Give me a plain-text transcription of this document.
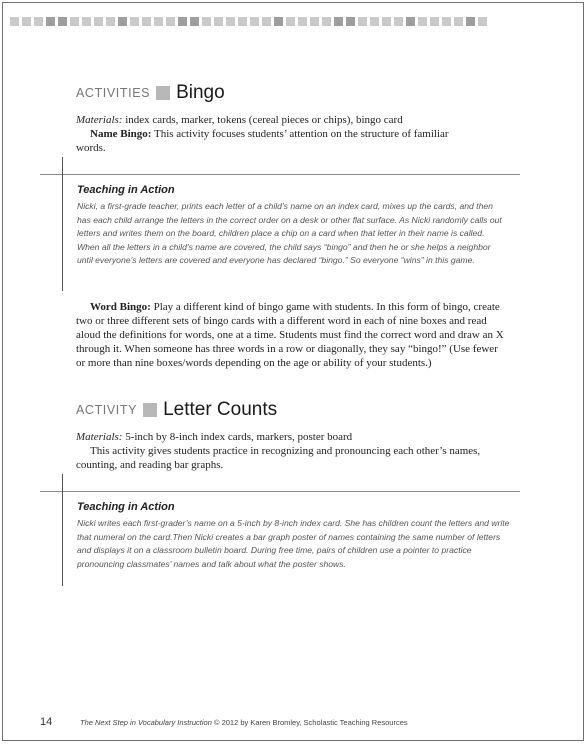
ACTIVITIES Bingo

Materials: index cards, marker, tokens (cereal pieces or chips), bingo card

Name Bingo: This activity focuses students’ attention on the structure of familiar words.

Teaching in Action

Nicki, a first-grade teacher, prints each letter of a child’s name on an index card, mixes up the cards, and then has each child arrange the letters in the correct order on a desk or other flat surface. As Nicki randomly calls out letters and writes them on the board, children place a chip on a card when that letter in their name is called. When all the letters in a child’s name are covered, the child says “bingo” and then he or she helps a neighbor until everyone’s letters are covered and everyone has declared “bingo.” So everyone “wins” in this game.

Word Bingo: Play a different kind of bingo game with students. In this form of bingo, create two or three different sets of bingo cards with a different word in each of nine boxes and read aloud the definitions for words, one at a time. Students must find the correct word and draw an X through it. When someone has three words in a row or diagonally, they say “bingo!” (Use fewer or more than nine boxes/words depending on the age or ability of your students.)

ACTIVITY Letter Counts

Materials: 5-inch by 8-inch index cards, markers, poster board

This activity gives students practice in recognizing and pronouncing each other’s names, counting, and reading bar graphs.

Teaching in Action

Nicki writes each first-grader’s name on a 5-inch by 8-inch index card. She has children count the letters and write that numeral on the card.Then Nicki creates a bar graph poster of names containing the same number of letters and displays it on a classroom bulletin board. During free time, pairs of children use a pointer to practice pronouncing classmates’ names and talk about what the poster shows.

14	The Next Step in Vocabulary Instruction © 2012 by Karen Bromley, Scholastic Teaching Resources
